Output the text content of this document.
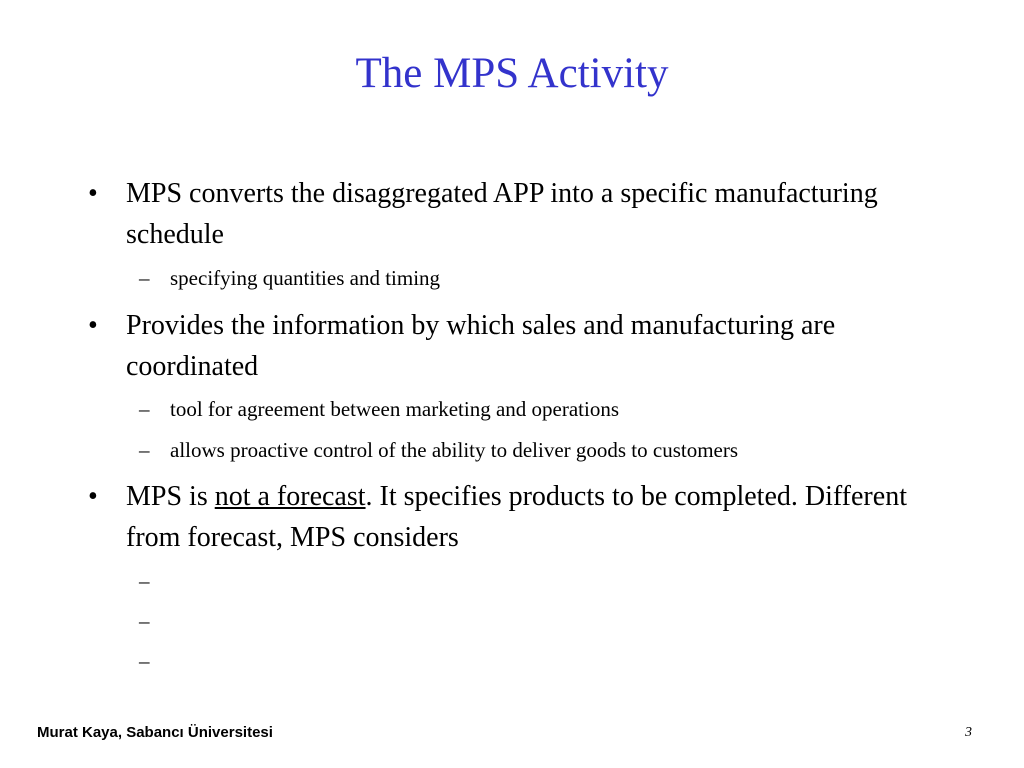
The MPS Activity
•	MPS converts the disaggregated APP into a specific manufacturing schedule
– specifying quantities and timing
•	Provides the information by which sales and manufacturing are coordinated
– tool for agreement between marketing and operations
– allows proactive control of the ability to deliver goods to customers
•	MPS is not a forecast. It specifies products to be completed. Different from forecast, MPS considers
–
–
–
Murat Kaya, Sabancı Üniversitesi	3
